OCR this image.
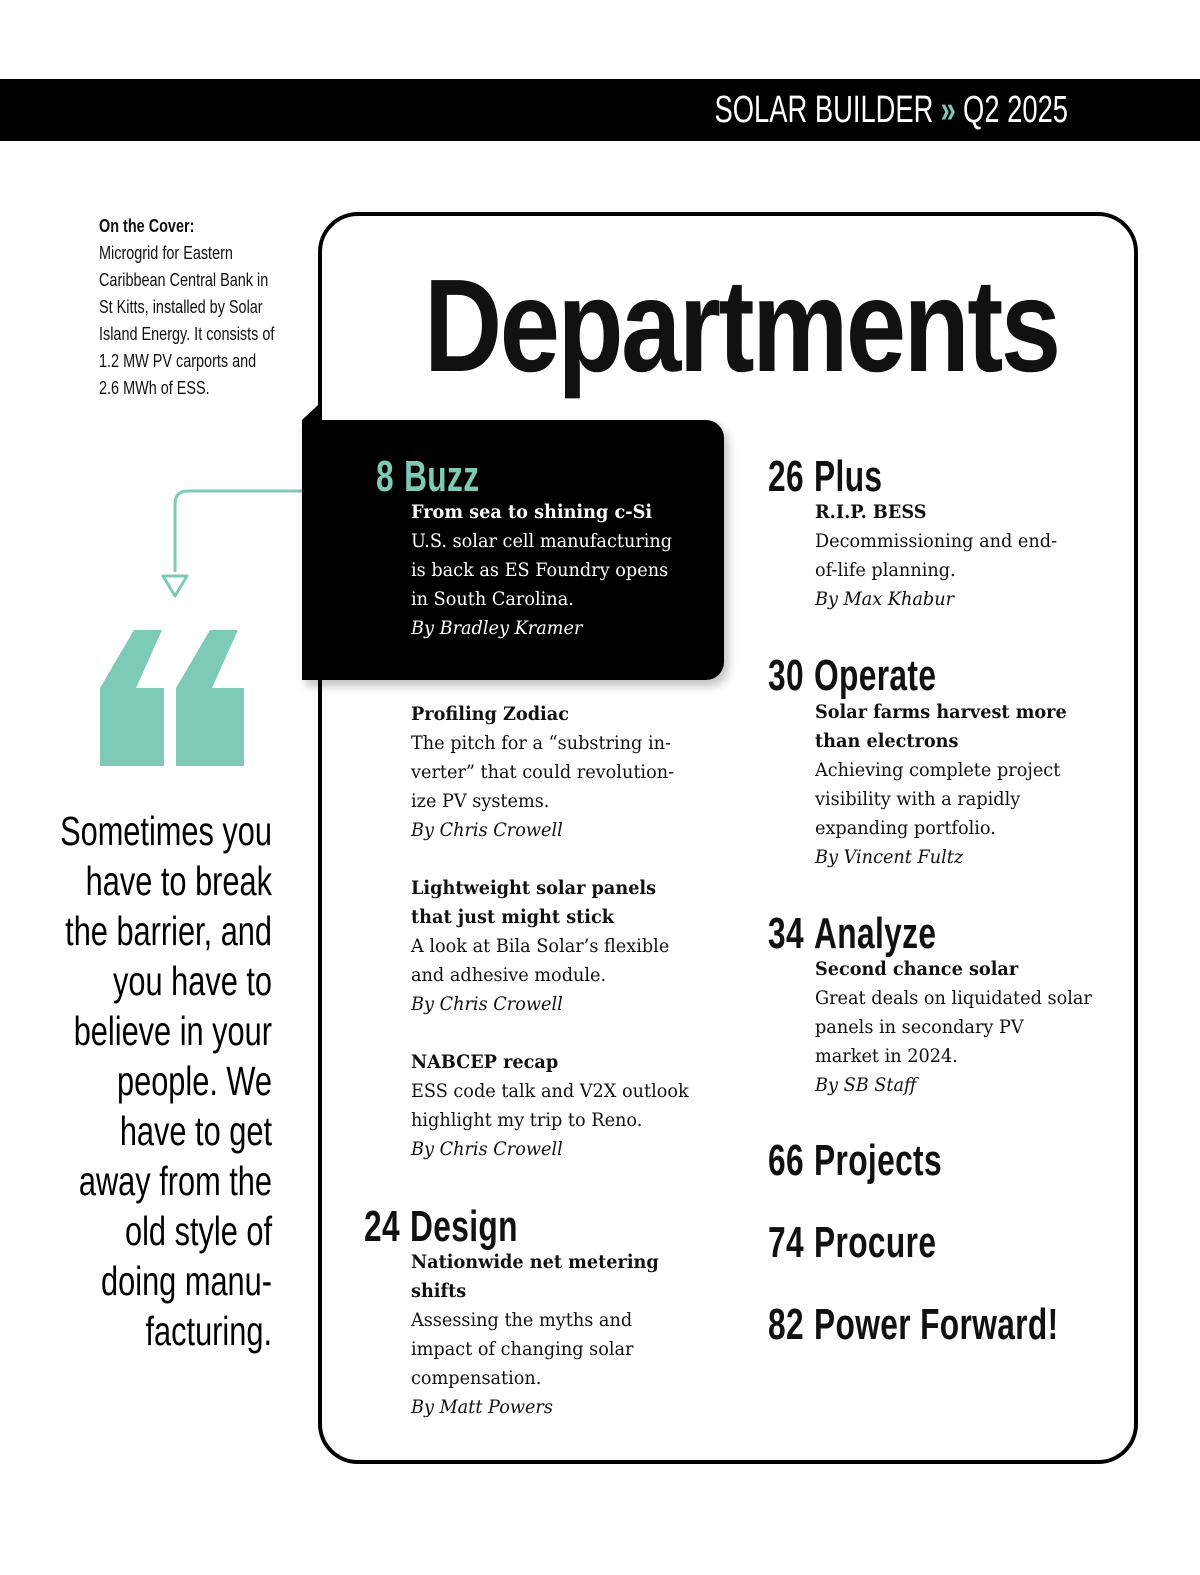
SOLAR BUILDER » Q2 2025
On the Cover:
Microgrid for Eastern Caribbean Central Bank in St Kitts, installed by Solar Island Energy. It consists of 1.2 MW PV carports and 2.6 MWh of ESS.
Sometimes you have to break the barrier, and you have to believe in your people. We have to get away from the old style of doing manu-facturing.
Departments
8 Buzz
From sea to shining c-Si
U.S. solar cell manufacturing
is back as ES Foundry opens
in South Carolina.
By Bradley Kramer
Profiling Zodiac
The pitch for a “substring in-
verter” that could revolution-
ize PV systems.
By Chris Crowell
Lightweight solar panels
that just might stick
A look at Bila Solar’s flexible
and adhesive module.
By Chris Crowell
NABCEP recap
ESS code talk and V2X outlook
highlight my trip to Reno.
By Chris Crowell
24 Design
Nationwide net metering
shifts
Assessing the myths and
impact of changing solar
compensation.
By Matt Powers
26 Plus
R.I.P. BESS
Decommissioning and end-
of-life planning.
By Max Khabur
30 Operate
Solar farms harvest more
than electrons
Achieving complete project
visibility with a rapidly
expanding portfolio.
By Vincent Fultz
34 Analyze
Second chance solar
Great deals on liquidated solar
panels in secondary PV
market in 2024.
By SB Staff
66 Projects
74 Procure
82 Power Forward!
